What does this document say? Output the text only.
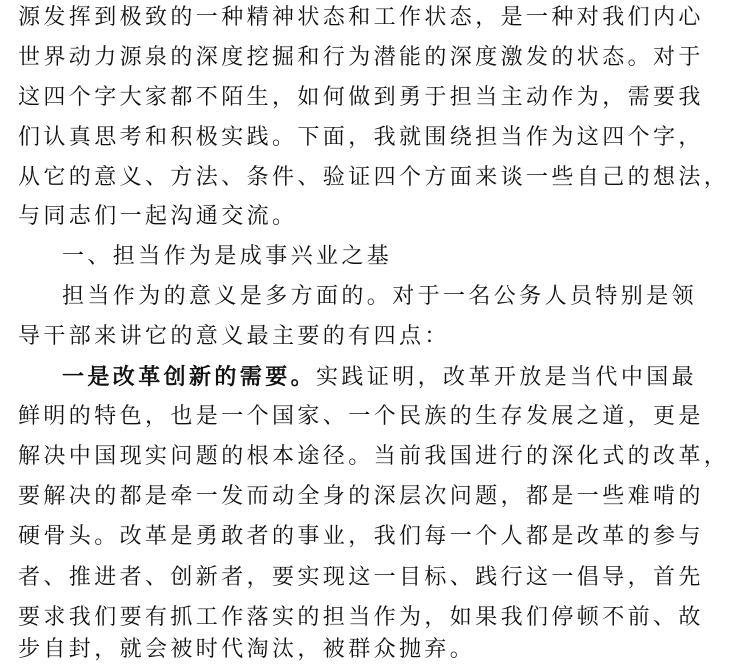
源发挥到极致的一种精神状态和工作状态，是一种对我们内心
世界动力源泉的深度挖掘和行为潜能的深度激发的状态。对于
这四个字大家都不陌生，如何做到勇于担当主动作为，需要我
们认真思考和积极实践。下面，我就围绕担当作为这四个字，
从它的意义、方法、条件、验证四个方面来谈一些自己的想法，
与同志们一起沟通交流。
一、担当作为是成事兴业之基
担当作为的意义是多方面的。对于一名公务人员特别是领
导干部来讲它的意义最主要的有四点：
一是改革创新的需要。实践证明，改革开放是当代中国最
鲜明的特色，也是一个国家、一个民族的生存发展之道，更是
解决中国现实问题的根本途径。当前我国进行的深化式的改革，
要解决的都是牵一发而动全身的深层次问题，都是一些难啃的
硬骨头。改革是勇敢者的事业，我们每一个人都是改革的参与
者、推进者、创新者，要实现这一目标、践行这一倡导，首先
要求我们要有抓工作落实的担当作为，如果我们停顿不前、故
步自封，就会被时代淘汰，被群众抛弃。
